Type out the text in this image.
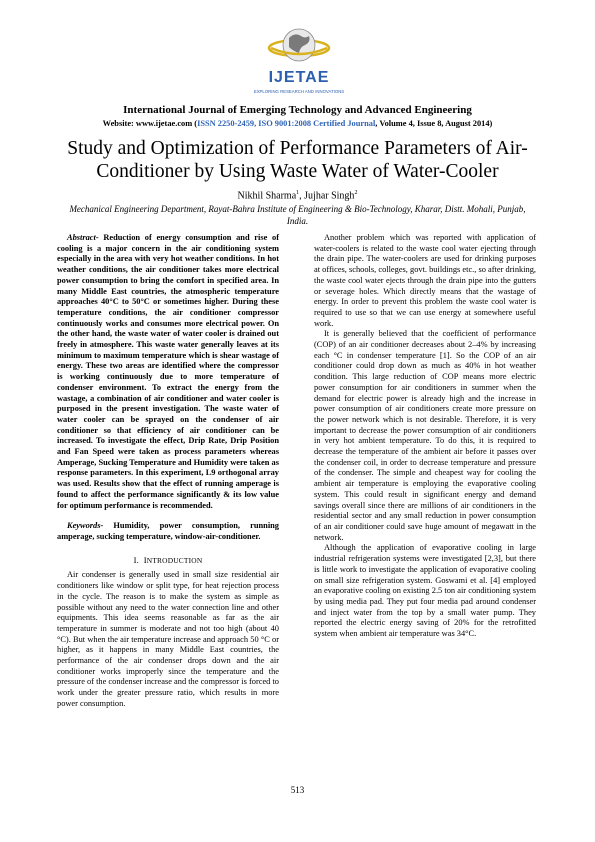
IJETAE
EXPLORING RESEARCH AND INNOVATIONS
International Journal of Emerging Technology and Advanced Engineering
Website: www.ijetae.com (ISSN 2250-2459, ISO 9001:2008 Certified Journal, Volume 4, Issue 8, August 2014)
Study and Optimization of Performance Parameters of Air-Conditioner by Using Waste Water of Water-Cooler
Nikhil Sharma$^1$, Jujhar Singh$^2$
Mechanical Engineering Department, Rayat-Bahra Institute of Engineering & Bio-Technology, Kharar, Distt. Mohali, Punjab, India.

Abstract- Reduction of energy consumption and rise of cooling is a major concern in the air conditioning system especially in the area with very hot weather conditions. In hot weather conditions, the air conditioner takes more electrical power consumption to bring the comfort in specified area. In many Middle East countries, the atmospheric temperature approaches 40°C to 50°C or sometimes higher. During these temperature conditions, the air conditioner compressor continuously works and consumes more electrical power. On the other hand, the waste water of water cooler is drained out freely in atmosphere. This waste water generally leaves at its minimum to maximum temperature which is shear wastage of energy. These two areas are identified where the compressor is working continuously due to more temperature of condenser environment. To extract the energy from the wastage, a combination of air conditioner and water cooler is purposed in the present investigation. The waste water of water cooler can be sprayed on the condenser of air conditioner so that efficiency of air conditioner can be increased. To investigate the effect, Drip Rate, Drip Position and Fan Speed were taken as process parameters whereas Amperage, Sucking Temperature and Humidity were taken as response parameters. In this experiment, L9 orthogonal array was used. Results show that the effect of running amperage is found to affect the performance significantly & its low value for optimum performance is recommended.

Keywords- Humidity, power consumption, running amperage, sucking temperature, window-air-conditioner.

I. INTRODUCTION

Air condenser is generally used in small size residential air conditioners like window or split type, for heat rejection process in the cycle. The reason is to make the system as simple as possible without any need to the water connection line and other equipments. This idea seems reasonable as far as the air temperature in summer is moderate and not too high (about 40 °C). But when the air temperature increase and approach 50 °C or higher, as it happens in many Middle East countries, the performance of the air condenser drops down and the air conditioner works improperly since the temperature and the pressure of the condenser increase and the compressor is forced to work under the greater pressure ratio, which results in more power consumption.

Another problem which was reported with application of water-coolers is related to the waste cool water ejecting through the drain pipe. The water-coolers are used for drinking purposes at offices, schools, colleges, govt. buildings etc., so after drinking, the waste cool water ejects through the drain pipe into the gutters or severage holes. Which directly means that the wastage of energy. In order to prevent this problem the waste cool water is required to use so that we can use energy at somewhere useful work.

It is generally believed that the coefficient of performance (COP) of an air conditioner decreases about 2–4% by increasing each °C in condenser temperature [1]. So the COP of an air conditioner could drop down as much as 40% in hot weather condition. This large reduction of COP means more electric power consumption for air conditioners in summer when the demand for electric power is already high and the increase in power consumption of air conditioners create more pressure on the power network which is not desirable. Therefore, it is very important to decrease the power consumption of air conditioners in very hot ambient temperature. To do this, it is required to decrease the temperature of the ambient air before it passes over the condenser coil, in order to decrease temperature and pressure of the condenser. The simple and cheapest way for cooling the ambient air temperature is employing the evaporative cooling system. This could result in significant energy and demand savings overall since there are millions of air conditioners in the residential sector and any small reduction in power consumption of an air conditioner could save huge amount of megawatt in the network.

Although the application of evaporative cooling in large industrial refrigeration systems were investigated [2,3], but there is little work to investigate the application of evaporative cooling on small size refrigeration system. Goswami et al. [4] employed an evaporative cooling on existing 2.5 ton air conditioning system by using media pad. They put four media pad around condenser and inject water from the top by a small water pump. They reported the electric energy saving of 20% for the retrofitted system when ambient air temperature was 34°C.

513
